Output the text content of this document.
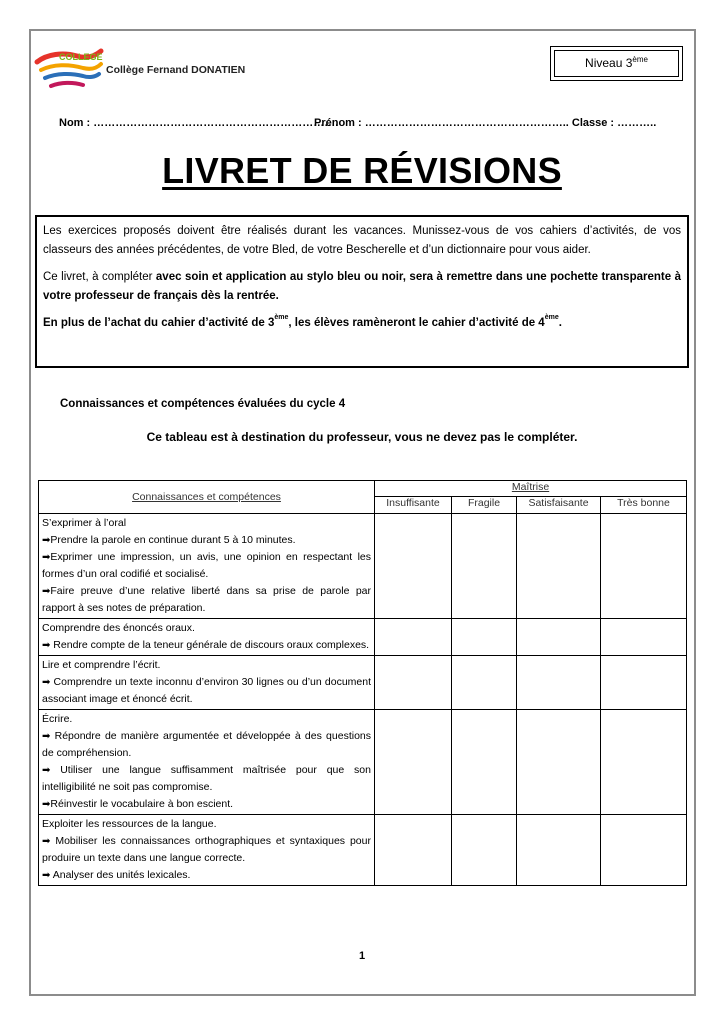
COLLEGE
Collège Fernand DONATIEN	Niveau 3ème
Nom : ………………………………………………………….
Prénom : ……………………………………………….. Classe : ………..
LIVRET DE RÉVISIONS

Les exercices proposés doivent être réalisés durant les vacances. Munissez-vous de vos cahiers d’activités, de vos classeurs des années précédentes, de votre Bled, de votre Bescherelle et d’un dictionnaire pour vous aider.

Ce livret, à compléter avec soin et application au stylo bleu ou noir, sera à remettre dans une pochette transparente à votre professeur de français dès la rentrée.

En plus de l’achat du cahier d’activité de 3ème, les élèves ramèneront le cahier d’activité de 4ème.

Connaissances et compétences évaluées du cycle 4
Ce tableau est à destination du professeur, vous ne devez pas le compléter.
Connaissances et compétences	Maîtrise			
	Insuffisante	Fragile	Satisfaisante	Très bonne

S’exprimer à l’oral
➡Prendre la parole en continue durant 5 à 10 minutes.
➡Exprimer une impression, un avis, une opinion en respectant les formes d’un oral codifié et socialisé.
➡Faire preuve d’une relative liberté dans sa prise de parole par rapport à ses notes de préparation.				

Comprendre des énoncés oraux.
➡ Rendre compte de la teneur générale de discours oraux complexes.				

Lire et comprendre l’écrit.
➡ Comprendre un texte inconnu d’environ 30 lignes ou d’un document associant image et énoncé écrit.				

Écrire.
➡ Répondre de manière argumentée et développée à des questions de compréhension.
➡ Utiliser une langue suffisamment maîtrisée pour que son intelligibilité ne soit pas compromise.
➡Réinvestir le vocabulaire à bon escient.				

Exploiter les ressources de la langue.
➡ Mobiliser les connaissances orthographiques et syntaxiques pour produire un texte dans une langue correcte.
➡ Analyser des unités lexicales.				

1
